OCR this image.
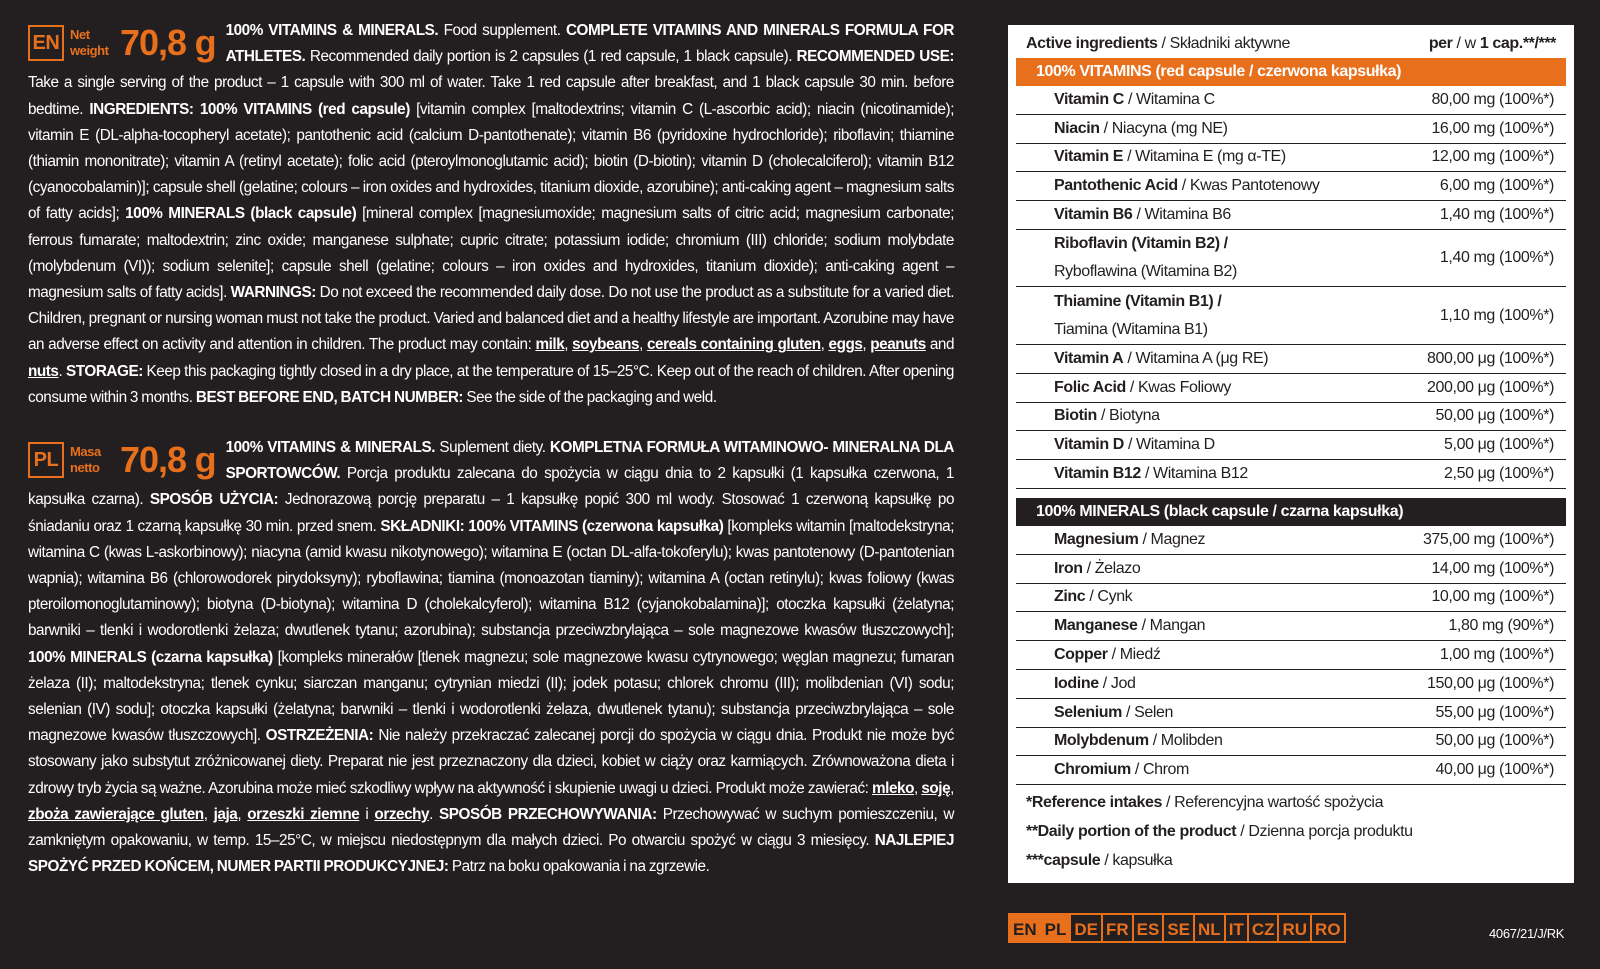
EN Net weight 70,8 g 100% VITAMINS & MINERALS. Food supplement. COMPLETE VITAMINS AND MINERALS FORMULA FOR ATHLETES. Recommended daily portion is 2 capsules (1 red capsule, 1 black capsule). RECOMMENDED USE: Take a single serving of the product – 1 capsule with 300 ml of water. Take 1 red capsule after breakfast, and 1 black capsule 30 min. before bedtime. INGREDIENTS: 100% VITAMINS (red capsule) [vitamin complex [maltodextrins; vitamin C (L-ascorbic acid); niacin (nicotinamide); vitamin E (DL-alpha-tocopheryl acetate); pantothenic acid (calcium D-pantothenate); vitamin B6 (pyridoxine hydrochloride); riboflavin; thiamine (thiamin mononitrate); vitamin A (retinyl acetate); folic acid (pteroylmonoglutamic acid); biotin (D-biotin); vitamin D (cholecalciferol); vitamin B12 (cyanocobalamin)]; capsule shell (gelatine; colours – iron oxides and hydroxides, titanium dioxide, azorubine); anti-caking agent – magnesium salts of fatty acids]; 100% MINERALS (black capsule) [mineral complex [magnesiumoxide; magnesium salts of citric acid; magnesium carbonate; ferrous fumarate; maltodextrin; zinc oxide; manganese sulphate; cupric citrate; potassium iodide; chromium (III) chloride; sodium molybdate (molybdenum (VI)); sodium selenite]; capsule shell (gelatine; colours – iron oxides and hydroxides, titanium dioxide); anti-caking agent – magnesium salts of fatty acids]. WARNINGS: Do not exceed the recommended daily dose. Do not use the product as a substitute for a varied diet. Children, pregnant or nursing woman must not take the product. Varied and balanced diet and a healthy lifestyle are important. Azorubine may have an adverse effect on activity and attention in children. The product may contain: milk, soybeans, cereals containing gluten, eggs, peanuts and nuts. STORAGE: Keep this packaging tightly closed in a dry place, at the temperature of 15–25°C. Keep out of the reach of children. After opening consume within 3 months. BEST BEFORE END, BATCH NUMBER: See the side of the packaging and weld.
PL Masa netto 70,8 g 100% VITAMINS & MINERALS. Suplement diety. KOMPLETNA FORMUŁA WITAMINOWO- MINERALNA DLA SPORTOWCÓW. Porcja produktu zalecana do spożycia w ciągu dnia to 2 kapsułki (1 kapsułka czerwona, 1 kapsułka czarna). SPOSÓB UŻYCIA: Jednorazową porcję preparatu – 1 kapsułkę popić 300 ml wody. Stosować 1 czerwoną kapsułkę po śniadaniu oraz 1 czarną kapsułkę 30 min. przed snem. SKŁADNIKI: 100% VITAMINS (czerwona kapsułka) [kompleks witamin [maltodekstryna; witamina C (kwas L-askorbinowy); niacyna (amid kwasu nikotynowego); witamina E (octan DL-alfa-tokoferylu); kwas pantotenowy (D-pantotenian wapnia); witamina B6 (chlorowodorek pirydoksyny); ryboflawina; tiamina (monoazotan tiaminy); witamina A (octan retinylu); kwas foliowy (kwas pteroilomonoglutaminowy); biotyna (D-biotyna); witamina D (cholekalcyferol); witamina B12 (cyjanokobalamina)]; otoczka kapsułki (żelatyna; barwniki – tlenki i wodorotlenki żelaza; dwutlenek tytanu; azorubina); substancja przeciwzbrylająca – sole magnezowe kwasów tłuszczowych]; 100% MINERALS (czarna kapsułka) [kompleks minerałów [tlenek magnezu; sole magnezowe kwasu cytrynowego; węglan magnezu; fumaran żelaza (II); maltodekstryna; tlenek cynku; siarczan manganu; cytrynian miedzi (II); jodek potasu; chlorek chromu (III); molibdenian (VI) sodu; selenian (IV) sodu]; otoczka kapsułki (żelatyna; barwniki – tlenki i wodorotlenki żelaza, dwutlenek tytanu); substancja przeciwzbrylająca – sole magnezowe kwasów tłuszczowych]. OSTRZEŻENIA: Nie należy przekraczać zalecanej porcji do spożycia w ciągu dnia. Produkt nie może być stosowany jako substytut zróżnicowanej diety. Preparat nie jest przeznaczony dla dzieci, kobiet w ciąży oraz karmiących. Zrównoważona dieta i zdrowy tryb życia są ważne. Azorubina może mieć szkodliwy wpływ na aktywność i skupienie uwagi u dzieci. Produkt może zawierać: mleko, soję, zboża zawierające gluten, jaja, orzeszki ziemne i orzechy. SPOSÓB PRZECHOWYWANIA: Przechowywać w suchym pomieszczeniu, w zamkniętym opakowaniu, w temp. 15–25°C, w miejscu niedostępnym dla małych dzieci. Po otwarciu spożyć w ciągu 3 miesięcy. NAJLEPIEJ SPOŻYĆ PRZED KOŃCEM, NUMER PARTII PRODUKCYJNEJ: Patrz na boku opakowania i na zgrzewie.
Active ingredients / Składniki aktywne	per / w 1 cap.**/***
100% VITAMINS (red capsule / czerwona kapsułka)
Vitamin C / Witamina C	80,00 mg (100%*)
Niacin / Niacyna (mg NE)	16,00 mg (100%*)
Vitamin E / Witamina E (mg α-TE)	12,00 mg (100%*)
Pantothenic Acid / Kwas Pantotenowy	6,00 mg (100%*)
Vitamin B6 / Witamina B6	1,40 mg (100%*)
Riboflavin (Vitamin B2) /
Ryboflawina (Witamina B2)
1,40 mg (100%*)
Thiamine (Vitamin B1) /
Tiamina (Witamina B1)
1,10 mg (100%*)
Vitamin A / Witamina A (μg RE)	800,00 μg (100%*)
Folic Acid / Kwas Foliowy	200,00 μg (100%*)
Biotin / Biotyna	50,00 μg (100%*)
Vitamin D / Witamina D	5,00 μg (100%*)
Vitamin B12 / Witamina B12	2,50 μg (100%*)
100% MINERALS (black capsule / czarna kapsułka)
Magnesium / Magnez	375,00 mg (100%*)
Iron / Żelazo	14,00 mg (100%*)
Zinc / Cynk	10,00 mg (100%*)
Manganese / Mangan	1,80 mg (90%*)
Copper / Miedź	1,00 mg (100%*)
Iodine / Jod	150,00 μg (100%*)
Selenium / Selen	55,00 μg (100%*)
Molybdenum / Molibden	50,00 μg (100%*)
Chromium / Chrom	40,00 μg (100%*)
*Reference intakes / Referencyjna wartość spożycia
**Daily portion of the product / Dzienna porcja produktu
***capsule / kapsułka
EN PL DE FR ES SE NL IT CZ RU RO	4067/21/J/RK
